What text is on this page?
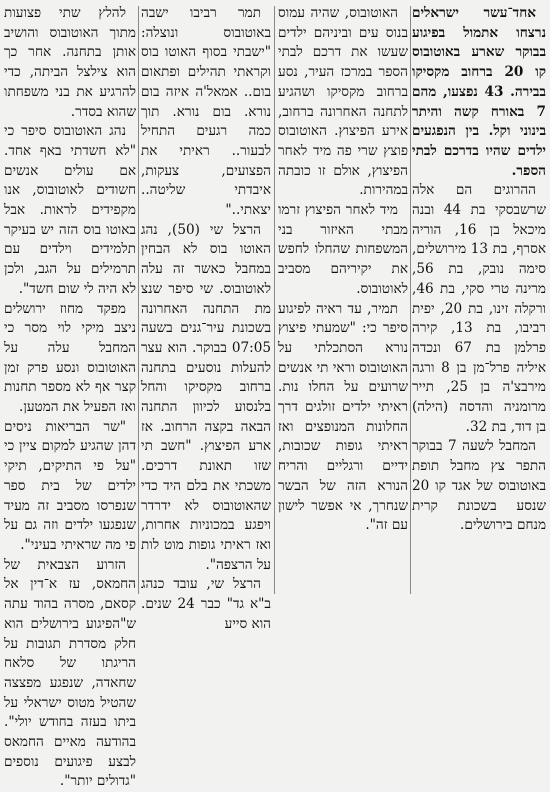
אחד־עשר ישראלים נרצחו אתמול בפיגוע בבוקר שארע באוטובוס קו 20 ברחוב מקסיקו בבירה. 43 נפצעו, מהם 7 באורח קשה והיתר בינוני וקל. בין הנפגעים ילדים שהיו בדרכם לבתי הספר.

ההרוגים הם אלה שרשבסקי בת 44 ובנה מיכאל בן 16, הוריה אסרף, בת 13 מירושלים, סימה נובק, בת 56, מרינה טרי סקי, בת 46, ורקלה זינו, בת 20, יפית רביבו, בת 13, קירה פרלמן בת 67 ונכדה איליה פרל־מן בן 8 ורגה מירבצ'ה בן 25, תייר מרומניה והדסה (הילה) בן דוד, בת 32.

המחבל לשעה 7 בבוקר התפר צץ מחבל תופת באוטובוס של אגד קו 20 שנסע בשכונת קרית מנחם בירושלים.

האוטובוס, שהיה עמוס בנוס עים וביניהם ילדים שעשו את דרכם לבתי הספר במרכז העיר, נסע ברחוב מקסיקו ושהגיע לתחנה האחרונה ברחוב, אירע הפיצוץ. האוטובוס פוצץ שרי פה מיד לאחר הפיצוץ, אולם זו כובתה במהירות.

מיד לאחר הפיצוץ זרמו מבתי האיזור בני המשפחות שהחלו לחפש את יקיריהם מסביב לאוטובוס.

תמיר, עד ראיה לפיגוע סיפר כי: "שמעתי פיצוץ נורא הסתכלתי על האוטובוס וראי תי אנשים שרועים על החלו נות. ראיתי ילדים זולגים דרך החלונות המנופצים ואז ראיתי גופות שכובות, ידיים ורגליים והריח הנורא הזה של הבשר שנחרך, אי אפשר לישון עם זה".

תמר רביבו ישבה באוטובוס ונוצלה: "ישבתי בסוף האוטו בוס וקראתי תהילים ופתאום בום.. אמאל'ה איזה בום נורא. בום נורא. תוך כמה רגעים התחיל לבעור.. ראיתי את הפצועים, צעקות, איבדתי שליטה.. יצאתי.."

הרצל שי (50), נהג האוטו בוס לא הבחין במחבל כאשר זה עלה לאוטובוס. שי סיפר שנצ מת התחנה האחרונה בשכונת עיר־גנים בשעה 07:05 בבוקר. הוא עצר להעלות נוסעים בתחנה ברחוב מקסיקו והחל בלנסוע לכיוון התחנה הבאה בקצה הרחוב. אז ארע הפיצוץ. "חשב תי שזו תאונת דרכים. משכתי את בלם היד כדי שהאוטובוס לא ידרדר ויפגע במכוניות אחרות, ואז ראיתי גופות מוט לות על הרצפה".

הרצל שי, עובד כנהג ב"א גד" כבר 24 שנים. הוא סייע

להלץ שתי פצועות מתוך האוטובוס והושיב אותן בתחנה. אחר כך הוא צילצל הביתה, כדי להרגיע את בני משפחתו שהוא בסדר.

נהג האוטובוס סיפר כי "לא חשדתי באף אחד. אם עולים אנשים חשודים לאוטובוס, אנו מקפידים לראות. אבל באוטו בוס הזה יש בעיקר תלמידים וילדים עם תרמילים על הגב, ולכן לא היה לי שום חשד".

מפקד מחוז ירושלים ניצב מיקי לוי מסר כי המחבל עלה על האוטובוס ונסע פרק זמן קצר אף לא מספר תחנות ואז הפעיל את המטען.

"שר הבריאות ניסים דהן שהגיע למקום ציין כי "על פי התיקים, תיקי ילדים של בית ספר שנפרסו מסביב זה מעיד שנפגעו ילדים וזה גם על פי מה שראיתי בעיני".

הזרוע הצבאית של החמאס, עז א־דין אל קסאם, מסרה בהוד עתה ש"הפיגוע בירושלים הוא חלק מסדרת תגובות על הריגתו של סלאח שחאדה, שנפגע מפצצה שהטיל מטוס ישראלי על ביתו בעזה בחודש יולי". בהודעה מאיים החמאס לבצע פיגועים נוספים "גדולים יותר".
